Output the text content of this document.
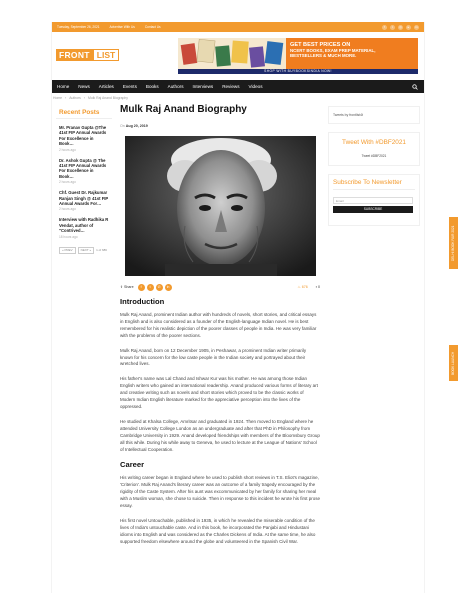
Tuesday, September 26, 2021	Advertise With Us	Contact Us	f	t	◎	▸	in
FRONT LIST
GET BEST PRICES ON
NCERT BOOKS, EXAM PREP MATERIAL,
BESTSELLERS & MUCH MORE.
SHOP WITH BUYBOOKSINDIA NOW!
Home News Articles Events Books Authors Interviews Reviews Videos
Home › Authors › Mulk Raj Anand Biography
Recent Posts
Mr. Pranav Gupta @The 41st FIP Annual Awards For Excellence in Book…
2 hours ago
Dr. Ashok Gupta @ The 41st FIP Annual Awards For Excellence in Book…
2 hours ago
Chf. Guest Dr. Rajkumar Ranjan Singh @ 41st FIP Annual Awards For…
2 hours ago
Interview with Radhika R Vendat, author of "Contrived…
18 hours ago
« PREV	NEXT »	1 of 686
Mulk Raj Anand Biography
On Aug 20, 2019
⇪ Share	f	t	✆	in	♨ 676 ▪ 0
Introduction

Mulk Raj Anand, prominent Indian author with hundreds of novels, short stories, and critical essays in English and is also considered as a founder of the English-language Indian novel. He is best remembered for his realistic depiction of the poorer classes of people in India. He was very familiar with the problems of the poorer sections.

Mulk Raj Anand, born on 12 December 1905, in Peshawar, a prominent Indian writer primarily known for his concern for the low caste people in the Indian society and portrayed about their wretched lives.

His father's name was Lal Chand and Ishwar Kur was his mother. He was among those Indian English writers who gained an international readership. Anand produced various forms of literary art and creative writing such as novels and short stories which proved to be the classic works of Modern Indian English literature marked for the appreciative perception into the lives of the oppressed.

He studied at Khalsa College, Amritsar and graduated in 1924. Then moved to England where he attended University College London as an undergraduate and after that PhD in Philosophy from Cambridge University in 1929. Anand developed friendships with members of the Bloomsbury Group all this while. During his while away to Geneva, he used to lecture at the League of Nations' School of Intellectual Cooperation.

Career

His writing career began in England where he used to publish short reviews in T.S. Eliot's magazine, 'Criterion'. Mulk Raj Anand's literary career was an outcome of a family tragedy encouraged by the rigidity of the Caste System. After his aunt was excommunicated by her family for sharing her meal with a Muslim woman, she chose to suicide. Then in response to this incident he wrote his first prose essay.

His first novel Untouchable, published in 1935, in which he revealed the miserable condition of the lives of India's untouchable caste. And in this book, he incorporated the Panjabi and Hindustani idioms into English and was considered as the Charles Dickens of India. At the same time, he also supported freedom elsewhere around the globe and volunteered in the Spanish Civil War.

Tweets by frontlist4t
Tweet With #DBF2021
Tweet #DBF2021
Subscribe To Newsletter
Email
SUBSCRIBE
DELHI BOOK FAIR 2021
BOOK LAUNCH
